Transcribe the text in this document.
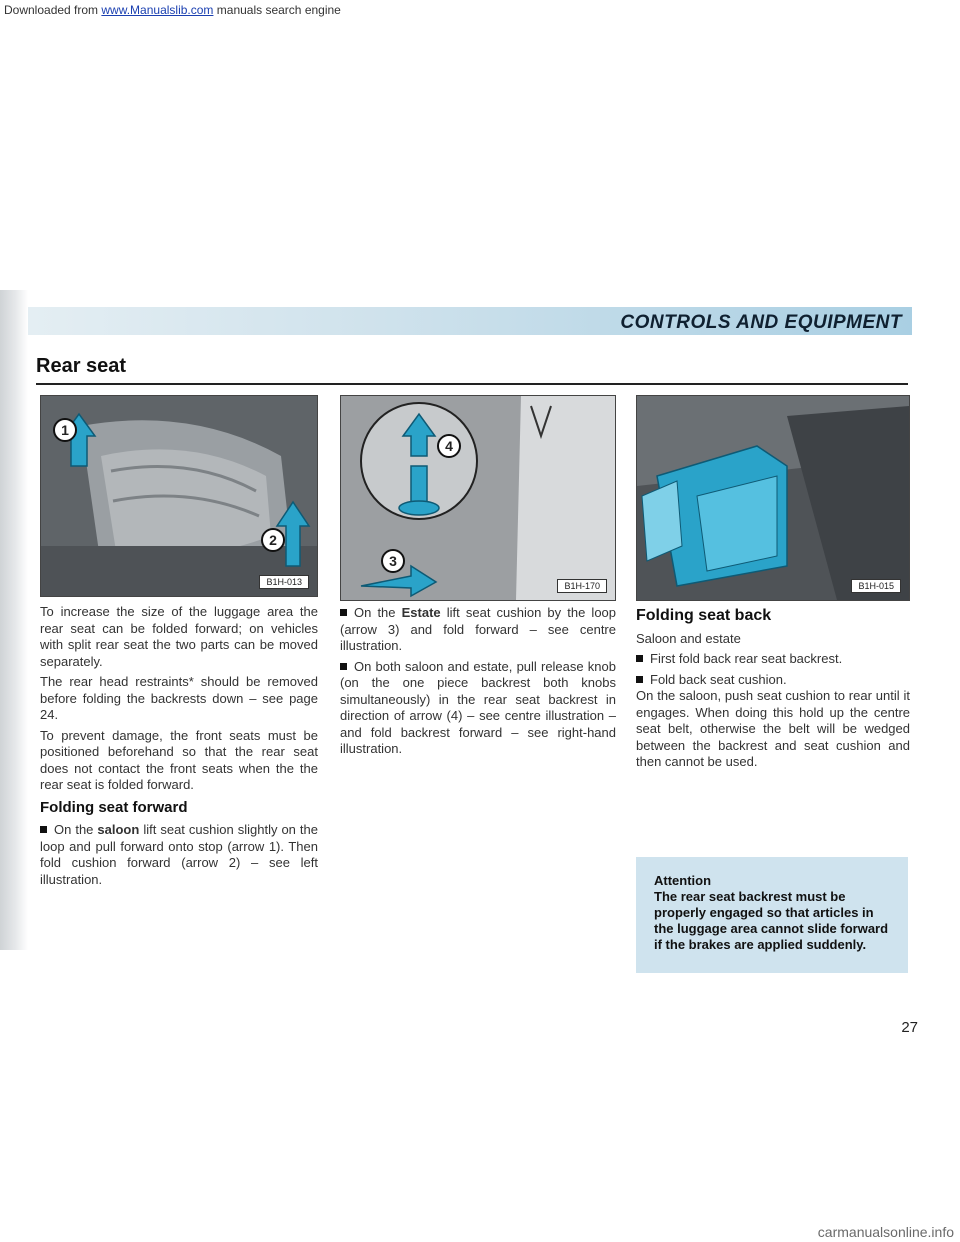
Downloaded from www.Manualslib.com manuals search engine
CONTROLS AND EQUIPMENT
Rear seat
1
2
B1H-013
4
3
B1H-170	B1H-015

To increase the size of the luggage area the rear seat can be folded forward; on vehicles with split rear seat the two parts can be moved separately.

The rear head restraints* should be removed before folding the backrests down – see page 24.

To prevent damage, the front seats must be positioned beforehand so that the rear seat does not contact the front seats when the the rear seat is folded forward.

Folding seat forward

On the saloon lift seat cushion slightly on the loop and pull forward onto stop (arrow 1). Then fold cushion forward (arrow 2) – see left illustration.

On the Estate lift seat cushion by the loop (arrow 3) and fold forward – see centre illustration.

On both saloon and estate, pull release knob (on the one piece backrest both knobs simultaneously) in the rear seat backrest in direction of arrow (4) – see centre illustration – and fold backrest forward – see right-hand illustration.

Folding seat back

Saloon and estate

First fold back rear seat backrest.

Fold back seat cushion.

On the saloon, push seat cushion to rear until it engages. When doing this hold up the centre seat belt, otherwise the belt will be wedged between the backrest and seat cushion and then cannot be used.

Attention
The rear seat backrest must be properly engaged so that articles in the luggage area cannot slide forward if the brakes are applied suddenly.
27
carmanualsonline.info
